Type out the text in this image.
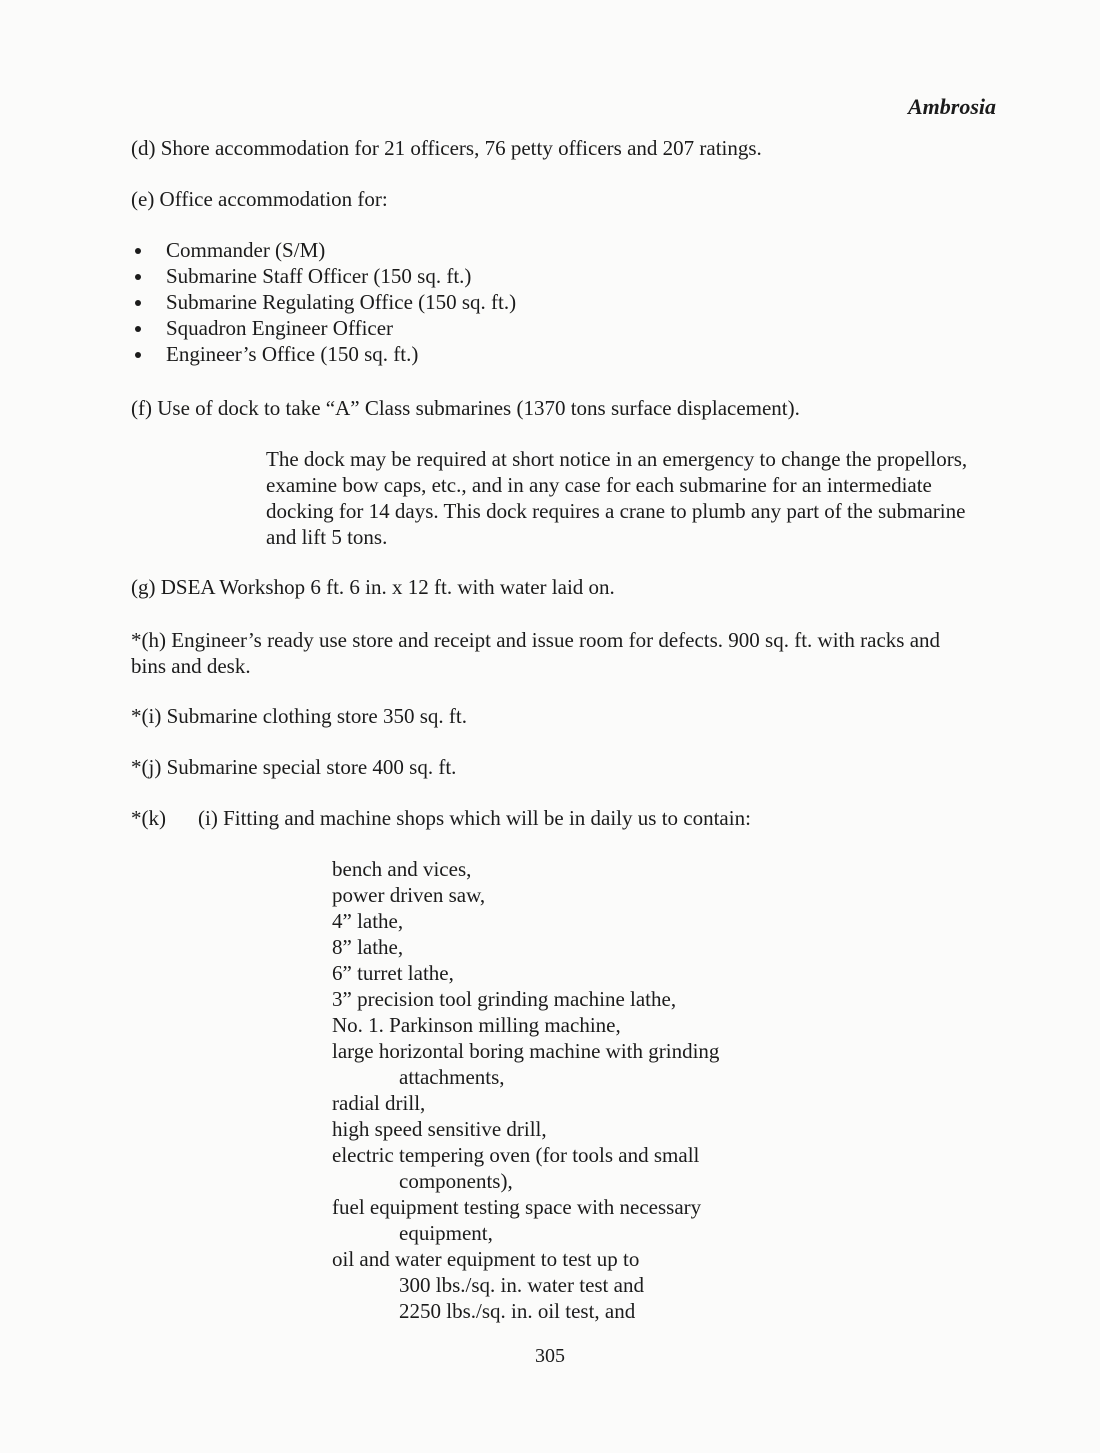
Ambrosia
(d) Shore accommodation for 21 officers, 76 petty officers and 207 ratings.
(e) Office accommodation for:
Commander (S/M)
Submarine Staff Officer (150 sq. ft.)
Submarine Regulating Office (150 sq. ft.)
Squadron Engineer Officer
Engineer’s Office (150 sq. ft.)
(f) Use of dock to take “A” Class submarines (1370 tons surface displacement).
The dock may be required at short notice in an emergency to change the propellors, examine bow caps, etc., and in any case for each submarine for an intermediate docking for 14 days. This dock requires a crane to plumb any part of the submarine and lift 5 tons.
(g) DSEA Workshop 6 ft. 6 in. x 12 ft. with water laid on.
*(h) Engineer’s ready use store and receipt and issue room for defects. 900 sq. ft. with racks and bins and desk.
*(i) Submarine clothing store 350 sq. ft.
*(j) Submarine special store 400 sq. ft.
*(k) (i) Fitting and machine shops which will be in daily us to contain:
bench and vices,
power driven saw,
4” lathe,
8” lathe,
6” turret lathe,
3” precision tool grinding machine lathe,
No. 1. Parkinson milling machine,
large horizontal boring machine with grinding
attachments,
radial drill,
high speed sensitive drill,
electric tempering oven (for tools and small
components),
fuel equipment testing space with necessary
equipment,
oil and water equipment to test up to
300 lbs./sq. in. water test and
2250 lbs./sq. in. oil test, and
305
